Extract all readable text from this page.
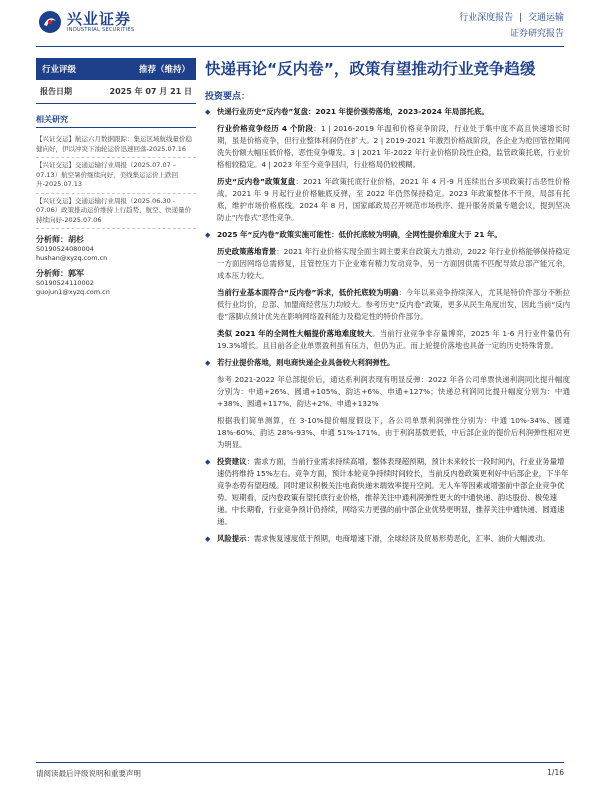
兴业证券
INDUSTRIAL SECURITIES
行业深度报告 | 交通运输
证券研究报告
行业评级	推荐（维持）
报告日期	2025 年 07 月 21 日
相关研究
【兴证交运】航运六月数据跟踪：集运区域航线量价稳健向好，伊以冲突下油轮运价迅速回落-2025.07.16
【兴证交运】交通运输行业周报（2025.07.07 – 07.13）航空暑价继续向好，美线集运运价上跌回升-2025.07.13
【兴证交运】交通运输行业周报（2025.06.30 - 07.06）政策推动运价维持上行趋势，航空、快递量价持续向好-2025.07.06
分析师：胡杉
S0190524080004
hushan@xyzq.com.cn
分析师：郭军
S0190524110002
guojun1@xyzq.com.cn
快递再论“反内卷”，政策有望推动行业竞争趋缓
投资要点：
◆ 快递行业历史“反内卷”复盘：2021 年提价强势落地，2023-2024 年局部托底。
行业价格竞争经历 4 个阶段：1 | 2016-2019 年温和价格竞争阶段，行业处于集中度不高且快速增长时期，虽是价格竞争，但行业整体利润仍在扩大。2 | 2019-2021 年激烈价格战阶段，各企业为抢回管控期间洗失份额大幅压低价格，恶性竞争爆发。3 | 2021 年-2022 年行业价格阶段性企稳，监管政策托底，行业价格相较稳定。4 | 2023 年至今竞争回归，行业格局仍较模糊。
历史“反内卷”政策复盘：2021 年政策托底行业价格，2021 年 4 月-9 月连续出台多项政策打击恶性价格战。2021 年 9 月起行业价格触底反弹，至 2022 年仍然保持稳定。2023 年政策整体不干预，局部有托底，维护市场价格底线。2024 年 8 月，国家邮政局召开规范市场秩序、提升服务质量专题会议，提到坚决防止“内卷式”恶性竞争。
◆ 2025 年“反内卷”政策实施可能性：低价托底较为明确，全网性提价难度大于 21 年。
历史政策落地背景：2021 年行业价格实现全面主调主要来自政策大力推动，2022 年行业价格能够保持稳定一方面因网络总需修复，且管控压力下企业难有精力发动竞争，另一方面因供需不匹配导致总部产能冗余，成本压力较大。
当前行业基本面符合“反内卷”诉求，低价托底较为明确：今年以来竞争持续深入，尤其是特价件部分不断拉低行业均价，总部、加盟商经营压力均较大。参考历史“反内卷”政策，更多从民生角度出发，因此当前“反内卷”落脚点预计优先在影响网络盈利能力及稳定性的特价件部分。
类似 2021 年的全网性大幅提价落地难度较大。当前行业竞争非存量博弈，2025 年 1-6 月行业件量仍有 19.3%增长。且目前各企业单票盈利虽有压力，但仍为正。而上轮提价落地也具备一定的历史特殊背景。
◆ 若行业提价落地，则电商快递企业具备较大利润弹性。
参考 2021-2022 年总部提价后，通达系利润表现有明显反弹：2022 年各公司单票快递利润同比提升幅度分别为：中通+26%、圆通+105%、韵达+6%、申通+127%；快递总利润同比提升幅度分别为：中通+38%、圆通+117%、韵达+2%、申通+132%
根据我们简单测算，在 3-10%提价幅度假设下，各公司单票利润弹性分别为：中通 10%-34%、圆通 18%-60%、韵达 28%-93%、申通 51%-171%。由于利润基数更低，中后部企业的提价后利润弹性相对更为明显。
◆ 投资建议：需求方面，当前行业需求持续高增，整体表现超预期，预计未来较长一段时间内，行业业务量增速仍将维持 15%左右。竞争方面，预计本轮竞争持续时间较长，当前反内卷政策更利好中后部企业，下半年竞争态势有望趋缓。同时建议积极关注电商快递末端效率提升空间。无人车等因素或增强前中部企业竞争优势。短期看，反内卷政策有望托底行业价格，推荐关注中通利润弹性更大的中通快递、韵达股份、极兔速递。中长期看，行业竞争预计仍持续，网络实力更强的前中部企业优势更明显，推荐关注中通快递、圆通速递。
◆ 风险提示：需求恢复速度低于预期，电商增速下滑，全球经济及贸易形势恶化，汇率、油价大幅波动。
请阅读最后评级说明和重要声明	1/16
